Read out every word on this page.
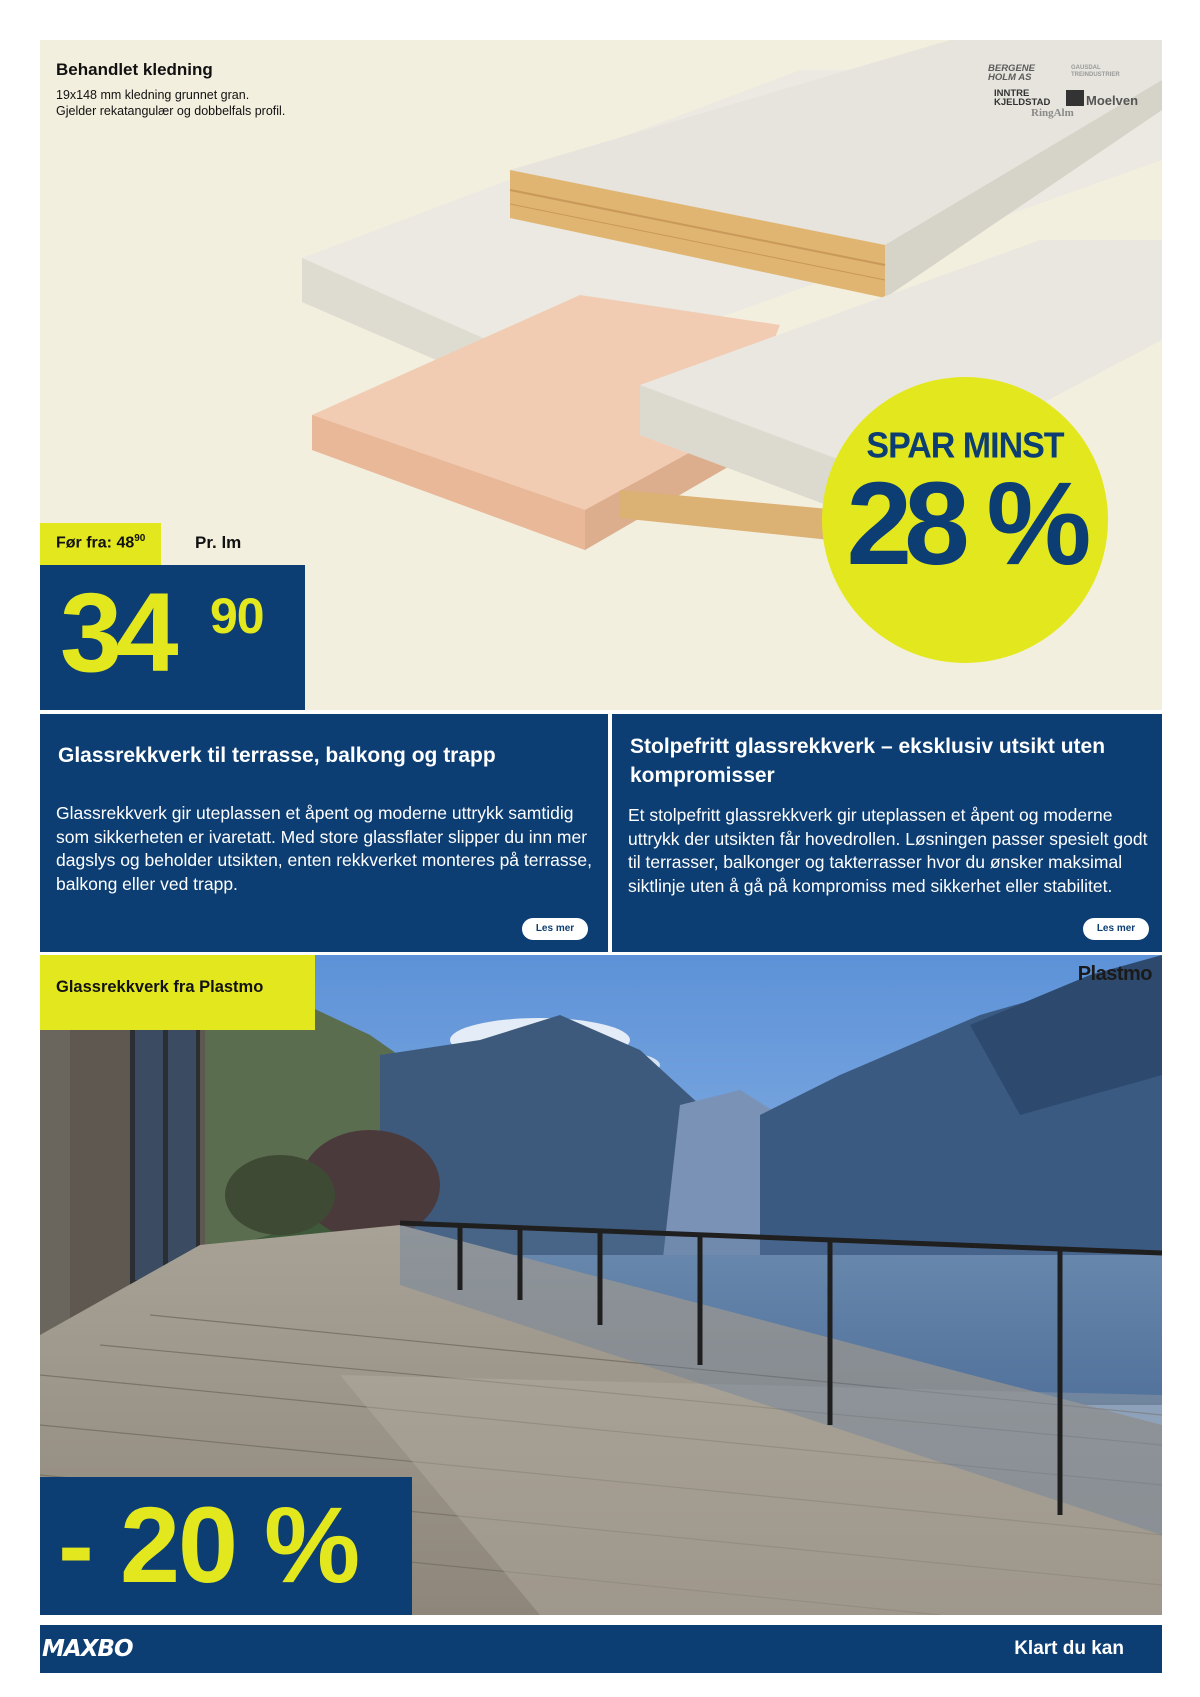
Behandlet kledning
19x148 mm kledning grunnet gran.
Gjelder rekatangulær og dobbelfals profil.
BERGENE
HOLM AS
GAUSDAL
TREINDUSTRIER
INNTRE
KJELDSTAD	Moelven
RingAlm
Før fra: $48^{90}$	Pr. lm
34 90
SPAR MINST
28 %
Glassrekkverk til terrasse, balkong og trapp

Glassrekkverk gir uteplassen et åpent og moderne uttrykk samtidig som sikkerheten er ivaretatt. Med store glassflater slipper du inn mer dagslys og beholder utsikten, enten rekkverket monteres på terrasse, balkong eller ved trapp.

Les mer
Stolpefritt glassrekkverk – eksklusiv utsikt uten kompromisser

Et stolpefritt glassrekkverk gir uteplassen et åpent og moderne uttrykk der utsikten får hovedrollen. Løsningen passer spesielt godt til terrasser, balkonger og takterrasser hvor du ønsker maksimal siktlinje uten å gå på kompromiss med sikkerhet eller stabilitet.

Les mer
Glassrekkverk fra Plastmo
Plastmo
- 20 %
MAXBO	Klart du kan
